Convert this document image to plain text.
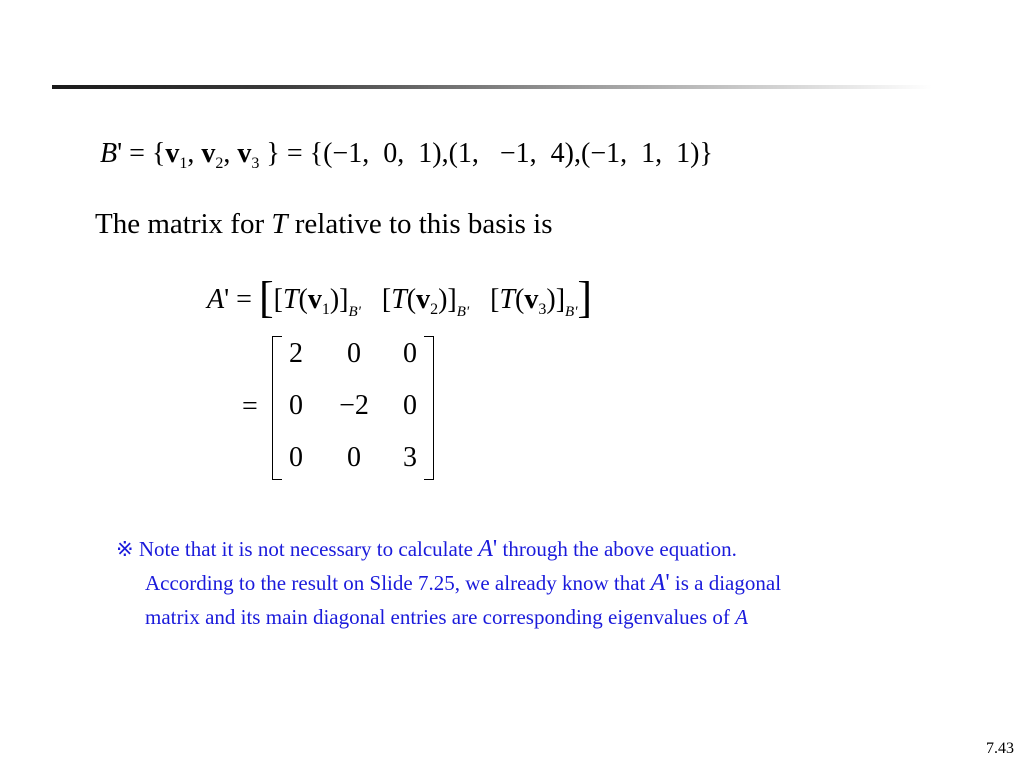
$B' = \{v_1$, $v_2$, $v_3$ } = {(−1,  0,  1),(1,   −1,  4),(−1,  1,  1)}
The matrix for T relative to this basis is
$A' = [[T(v_1)]_{B'}$   $[T(v_2)]_{B'}$   $[T(v_3)]_{B'}$]
=
2	0	0
0	−2	0
0	0	3
※ Note that it is not necessary to calculate A' through the above equation.
According to the result on Slide 7.25, we already know that A' is a diagonal
matrix and its main diagonal entries are corresponding eigenvalues of A
7.43
